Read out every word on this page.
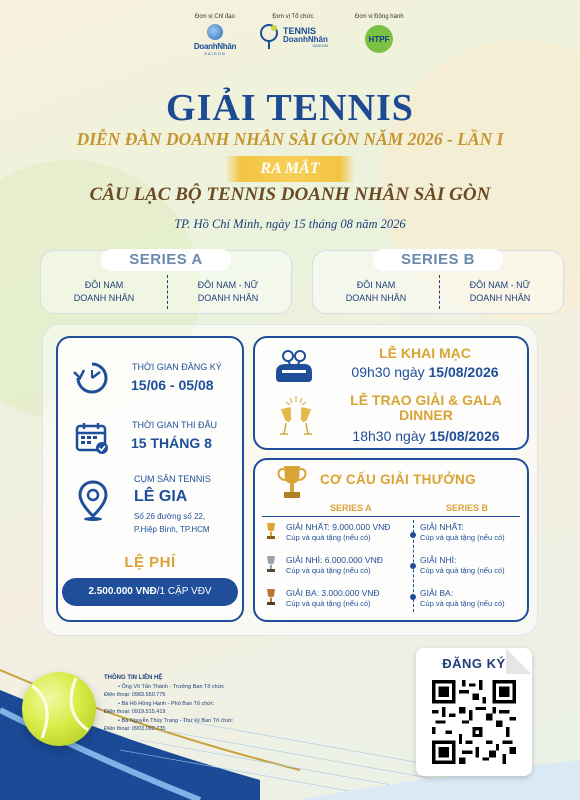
Đơn vị Chỉ đạo
DoanhNhân
SAIGON
Đơn vị Tổ chức
TENNIS
DoanhNhân
SAIGON
Đơn vị Đồng hành
HTPF
GIẢI TENNIS
DIỄN ĐÀN DOANH NHÂN SÀI GÒN NĂM 2026 - LẦN I
RA MẮT
CÂU LẠC BỘ TENNIS DOANH NHÂN SÀI GÒN
TP. Hồ Chí Minh, ngày 15 tháng 08 năm 2026
SERIES A
ĐÔI NAM
DOANH NHÂN
ĐÔI NAM - NỮ
DOANH NHÂN
SERIES B
ĐÔI NAM
DOANH NHÂN
ĐÔI NAM - NỮ
DOANH NHÂN
THỜI GIAN ĐĂNG KÝ
15/06 - 05/08
THỜI GIAN THI ĐẤU
15 THÁNG 8
CỤM SÂN TENNIS
LÊ GIA
Số 26 đường số 22,
P.Hiệp Bình, TP.HCM
LỆ PHÍ
2.500.000 VNĐ/1 CẶP VĐV
LỄ KHAI MẠC
09h30 ngày 15/08/2026
LỄ TRAO GIẢI & GALA
DINNER
18h30 ngày 15/08/2026
CƠ CẤU GIẢI THƯỞNG
SERIES A	SERIES B
GIẢI NHẤT: 9.000.000 VNĐ
Cúp và quà tặng (nếu có)
GIẢI NHÌ: 6.000.000 VNĐ
Cúp và quà tặng (nếu có)
GIẢI BA: 3.000.000 VNĐ
Cúp và quà tặng (nếu có)
GIẢI NHẤT:
Cúp và quà tặng (nếu có)
GIẢI NHÌ:
Cúp và quà tặng (nếu có)
GIẢI BA:
Cúp và quà tặng (nếu có)
THÔNG TIN LIÊN HỆ
• Ông Võ Tấn Thành - Trưởng Ban Tổ chức
Điện thoại: 0983.550.775
• Bà Hồ Hồng Hạnh - Phó Ban Tổ chức
Điện thoại: 0919.515.419
• Bà Nguyễn Thúy Trang - Thư ký Ban Tổ chức
Điện thoại: 0903.092.735
ĐĂNG KÝ
